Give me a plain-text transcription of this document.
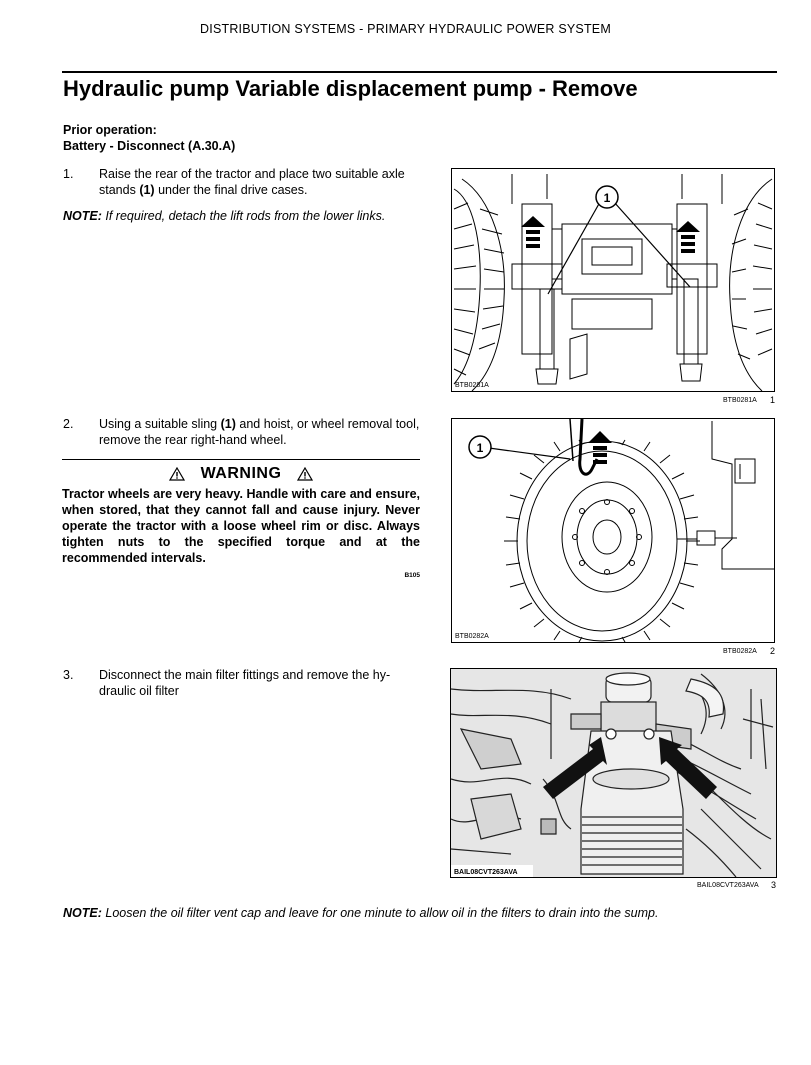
DISTRIBUTION SYSTEMS - PRIMARY HYDRAULIC POWER SYSTEM
Hydraulic pump Variable displacement pump - Remove
Prior operation:
Battery - Disconnect (A.30.A)
1. Raise the rear of the tractor and place two suitable axle stands (1) under the final drive cases.
NOTE: If required, detach the lift rods from the lower links.
1
BTB0281A
BTB0281A 1
2. Using a suitable sling (1) and hoist, or wheel removal tool, remove the rear right-hand wheel.
WARNING
Tractor wheels are very heavy. Handle with care and ensure, when stored, that they cannot fall and cause injury. Never operate the tractor with a loose wheel rim or disc. Always tighten nuts to the specified torque and at the recommended intervals.
B105
1
BTB0282A
BTB0282A 2
3. Disconnect the main filter fittings and remove the hy-draulic oil filter
BAIL08CVT263AVA
BAIL08CVT263AVA 3
NOTE: Loosen the oil filter vent cap and leave for one minute to allow oil in the filters to drain into the sump.
